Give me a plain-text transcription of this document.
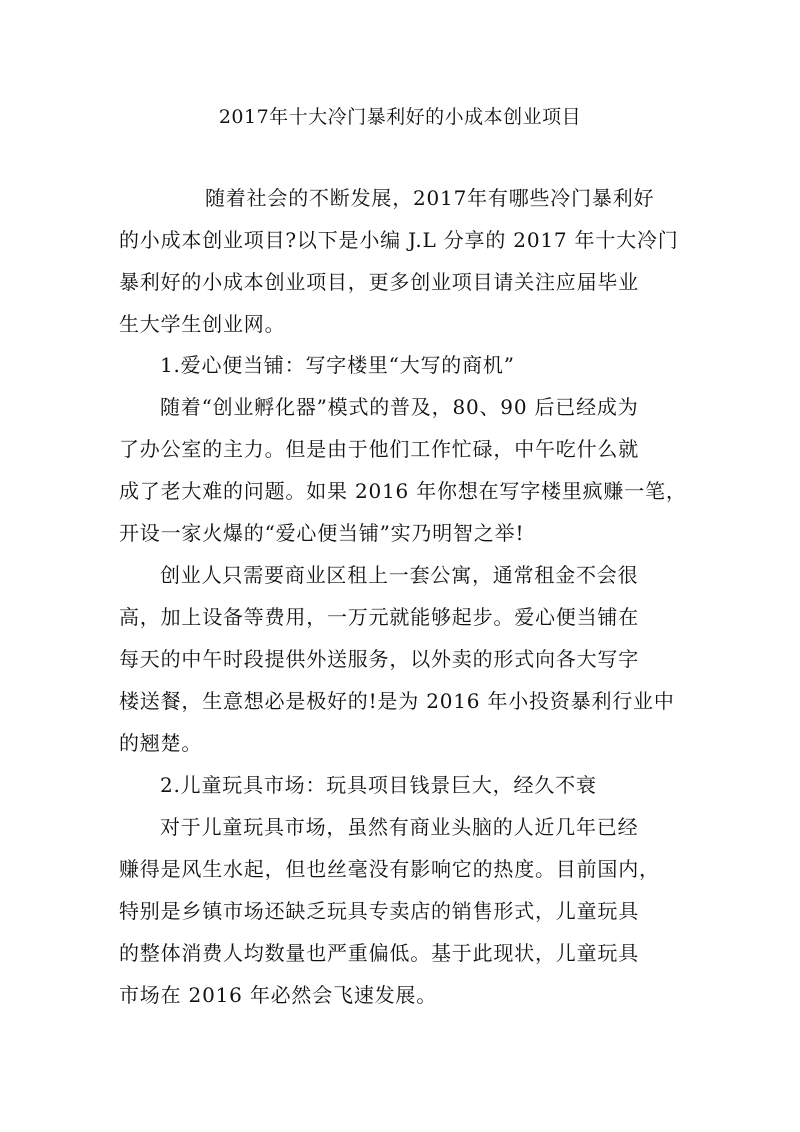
2017年十大冷门暴利好的小成本创业项目
随着社会的不断发展，2017年有哪些冷门暴利好
的小成本创业项目?以下是小编 J.L 分享的 2017 年十大冷门
暴利好的小成本创业项目，更多创业项目请关注应届毕业
生大学生创业网。
1.爱心便当铺：写字楼里“大写的商机”
随着“创业孵化器”模式的普及，80、90 后已经成为
了办公室的主力。但是由于他们工作忙碌，中午吃什么就
成了老大难的问题。如果 2016 年你想在写字楼里疯赚一笔，
开设一家火爆的“爱心便当铺”实乃明智之举!
创业人只需要商业区租上一套公寓，通常租金不会很
高，加上设备等费用，一万元就能够起步。爱心便当铺在
每天的中午时段提供外送服务，以外卖的形式向各大写字
楼送餐，生意想必是极好的!是为 2016 年小投资暴利行业中
的翘楚。
2.儿童玩具市场：玩具项目钱景巨大，经久不衰
对于儿童玩具市场，虽然有商业头脑的人近几年已经
赚得是风生水起，但也丝毫没有影响它的热度。目前国内，
特别是乡镇市场还缺乏玩具专卖店的销售形式，儿童玩具
的整体消费人均数量也严重偏低。基于此现状，儿童玩具
市场在 2016 年必然会飞速发展。
